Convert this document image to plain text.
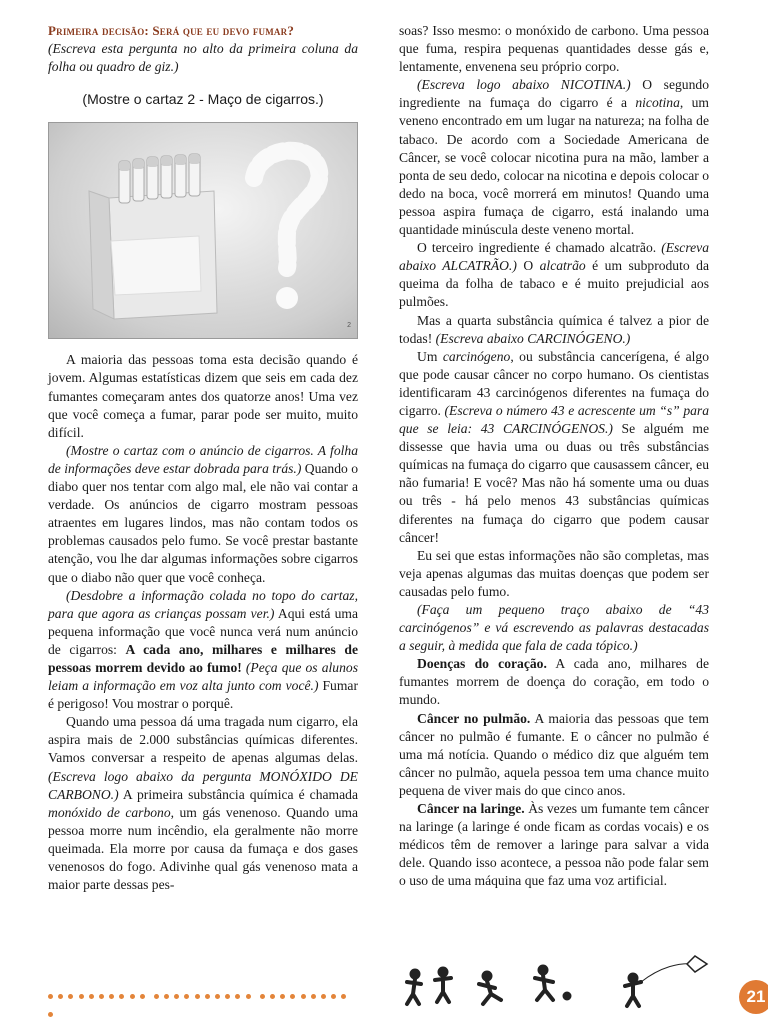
Primeira decisão: Será que eu devo fumar?

(Escreva esta pergunta no alto da primeira coluna da folha ou quadro de giz.)

(Mostre o cartaz 2 - Maço de cigarros.)

2

A maioria das pessoas toma esta decisão quando é jovem. Algumas estatísticas dizem que seis em cada dez fumantes começaram antes dos quatorze anos! Uma vez que você começa a fumar, parar pode ser muito, muito difícil.

(Mostre o cartaz com o anúncio de cigarros. A folha de informações deve estar dobrada para trás.) Quando o diabo quer nos tentar com algo mal, ele não vai contar a verdade. Os anúncios de cigarro mostram pessoas atraentes em lugares lindos, mas não contam todos os problemas causados pelo fumo. Se você prestar bastante atenção, vou lhe dar algumas informações sobre cigarros que o diabo não quer que você conheça.

(Desdobre a informação colada no topo do cartaz, para que agora as crianças possam ver.) Aqui está uma pequena informação que você nunca verá num anúncio de cigarros: A cada ano, milhares e milhares de pessoas morrem devido ao fumo! (Peça que os alunos leiam a informação em voz alta junto com você.) Fumar é perigoso! Vou mostrar o porquê.

Quando uma pessoa dá uma tragada num cigarro, ela aspira mais de 2.000 substâncias químicas diferentes. Vamos conversar a respeito de apenas algumas delas. (Escreva logo abaixo da pergunta MONÓXIDO DE CARBONO.) A primeira substância química é chamada monóxido de carbono, um gás venenoso. Quando uma pessoa morre num incêndio, ela geralmente não morre queimada. Ela morre por causa da fumaça e dos gases venenosos do fogo. Adivinhe qual gás venenoso mata a maior parte dessas pes-

soas? Isso mesmo: o monóxido de carbono. Uma pessoa que fuma, respira pequenas quantidades desse gás e, lentamente, envenena seu próprio corpo.

(Escreva logo abaixo NICOTINA.) O segundo ingrediente na fumaça do cigarro é a nicotina, um veneno encontrado em um lugar na natureza; na folha de tabaco. De acordo com a Sociedade Americana de Câncer, se você colocar nicotina pura na mão, lamber a ponta de seu dedo, colocar na nicotina e depois colocar o dedo na boca, você morrerá em minutos! Quando uma pessoa aspira fumaça de cigarro, está inalando uma quantidade minúscula deste veneno mortal.

O terceiro ingrediente é chamado alcatrão. (Escreva abaixo ALCATRÃO.) O alcatrão é um subproduto da queima da folha de tabaco e é muito prejudicial aos pulmões.

Mas a quarta substância química é talvez a pior de todas! (Escreva abaixo CARCINÓGENO.)

Um carcinógeno, ou substância cancerígena, é algo que pode causar câncer no corpo humano. Os cientistas identificaram 43 carcinógenos diferentes na fumaça do cigarro. (Escreva o número 43 e acrescente um “s” para que se leia: 43 CARCINÓGENOS.) Se alguém me dissesse que havia uma ou duas ou três substâncias químicas na fumaça do cigarro que causassem câncer, eu não fumaria! E você? Mas não há somente uma ou duas ou três - há pelo menos 43 substâncias químicas diferentes na fumaça do cigarro que podem causar câncer!

Eu sei que estas informações não são completas, mas veja apenas algumas das muitas doenças que podem ser causadas pelo fumo.

(Faça um pequeno traço abaixo de “43 carcinógenos” e vá escrevendo as palavras destacadas a seguir, à medida que fala de cada tópico.)

Doenças do coração. A cada ano, milhares de fumantes morrem de doença do coração, em todo o mundo.

Câncer no pulmão. A maioria das pessoas que tem câncer no pulmão é fumante. E o câncer no pulmão é uma má notícia. Quando o médico diz que alguém tem câncer no pulmão, aquela pessoa tem uma chance muito pequena de viver mais do que cinco anos.

Câncer na laringe. Às vezes um fumante tem câncer na laringe (a laringe é onde ficam as cordas vocais) e os médicos têm de remover a laringe para salvar a vida dele. Quando isso acontece, a pessoa não pode falar sem o uso de uma máquina que faz uma voz artificial.

21
